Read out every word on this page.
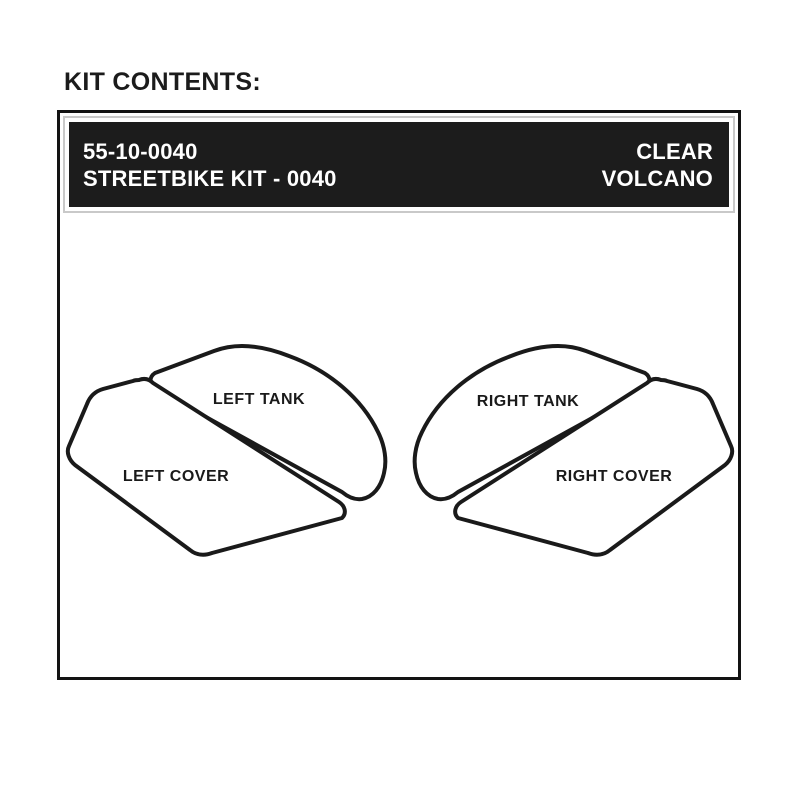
KIT CONTENTS:
55-10-0040
STREETBIKE KIT - 0040
CLEAR
VOLCANO
LEFT TANK
LEFT COVER
RIGHT TANK
RIGHT COVER
